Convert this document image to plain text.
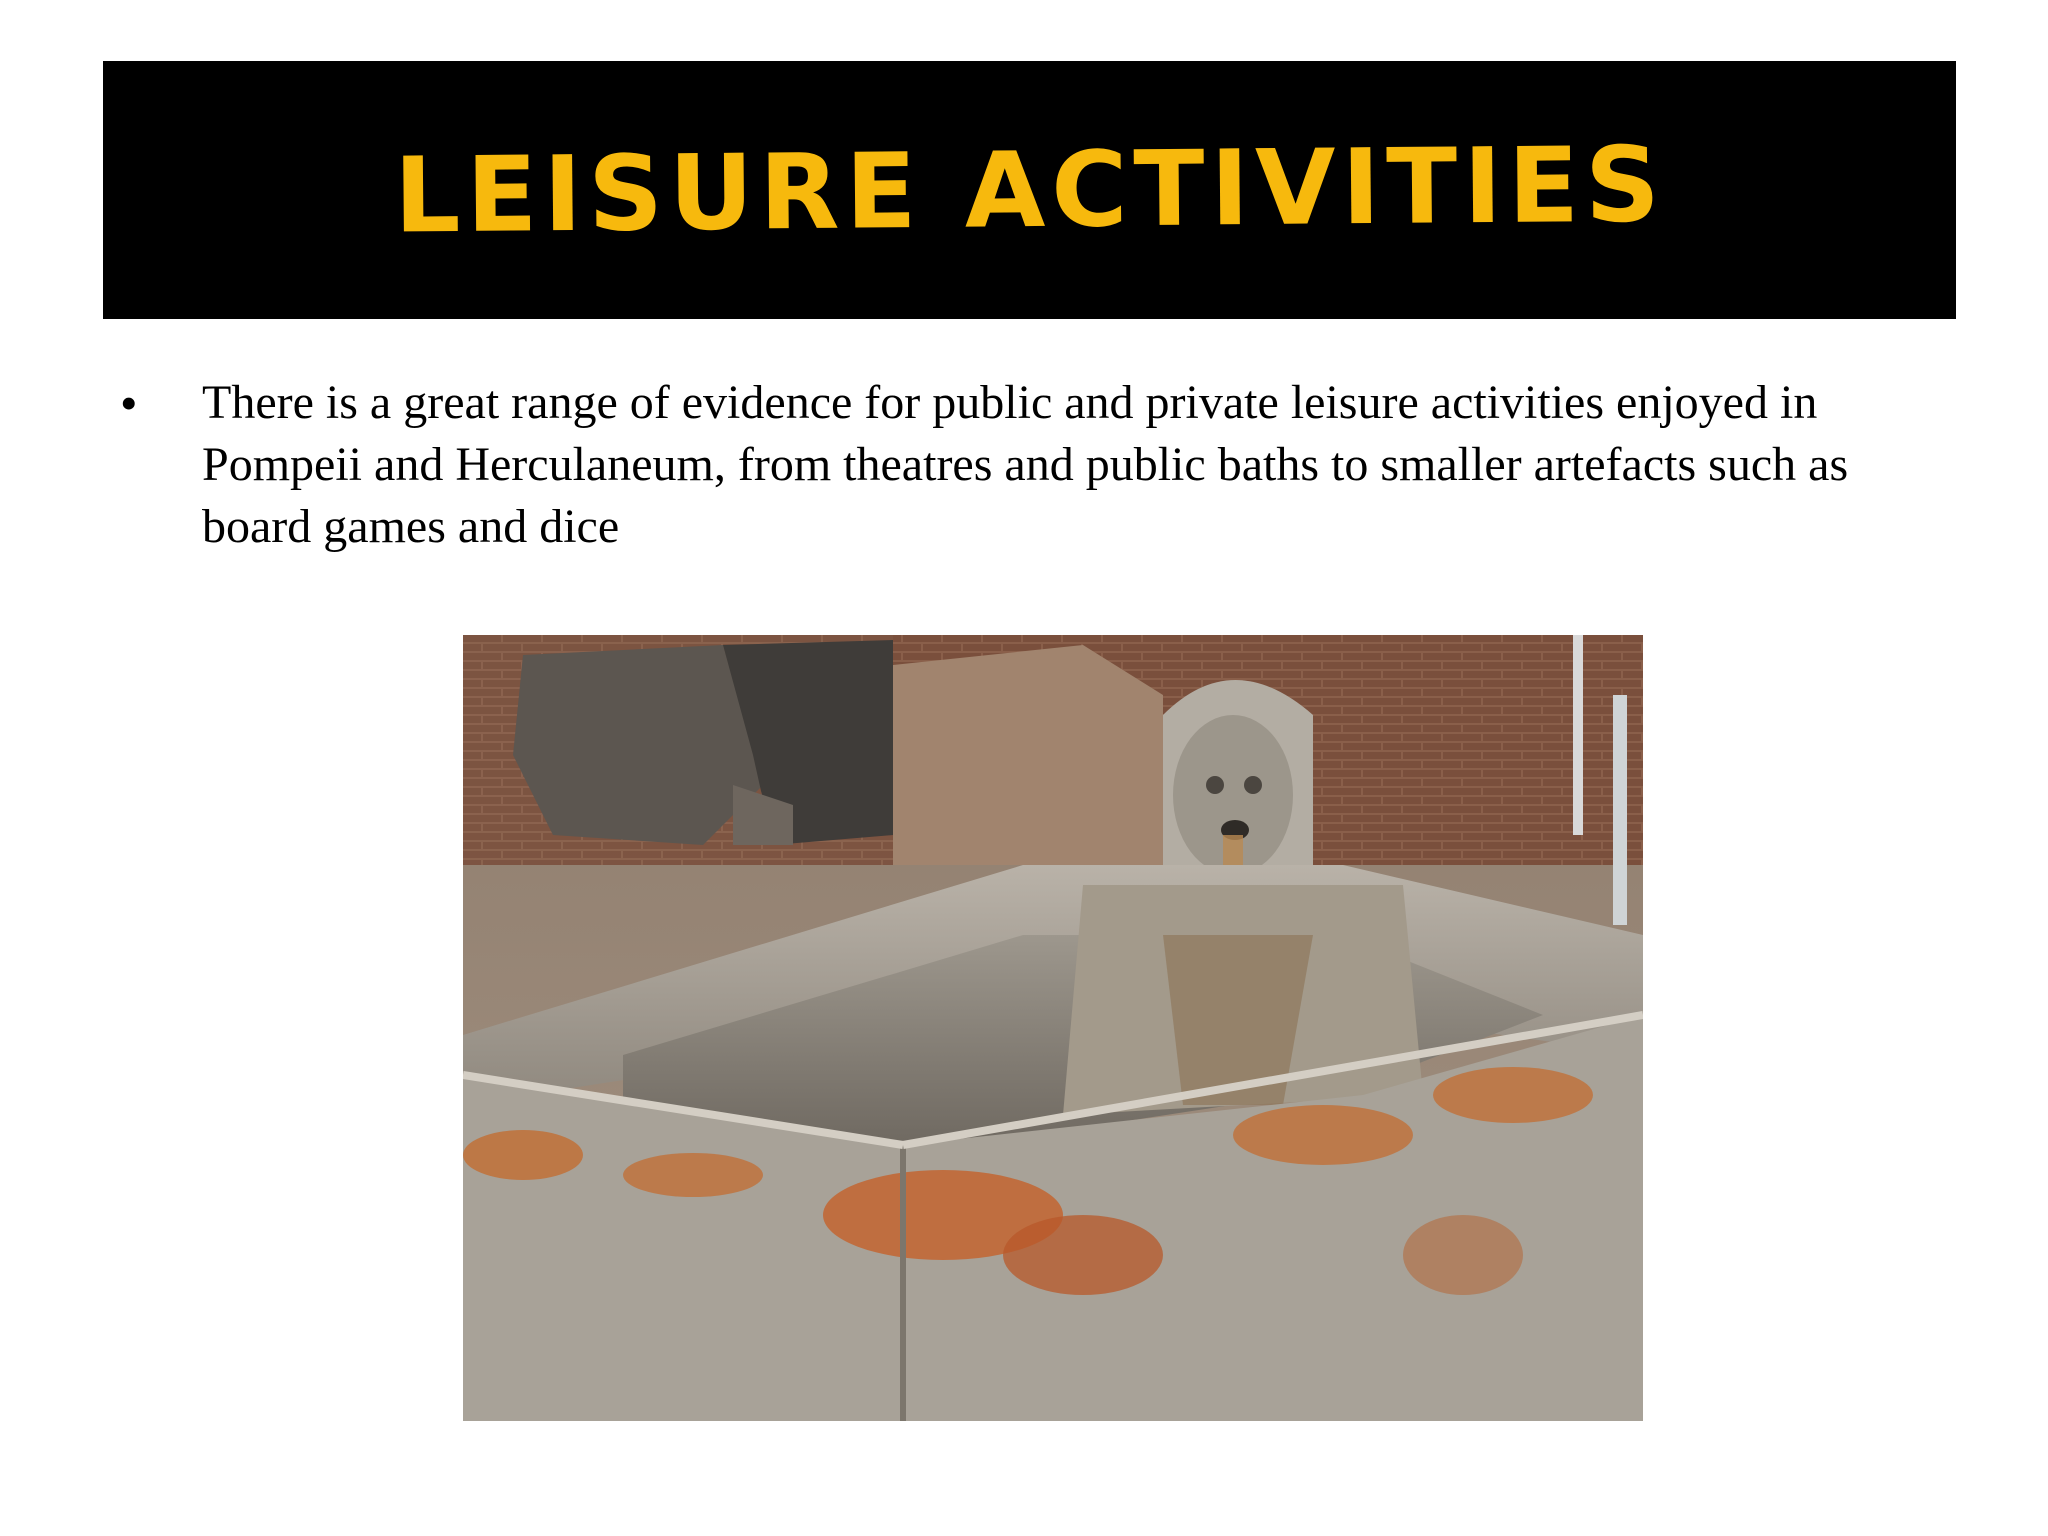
LEISURE ACTIVITIES
•	There is a great range of evidence for public and private leisure activities enjoyed in Pompeii and Herculaneum, from theatres and public baths to smaller artefacts such as board games and dice
